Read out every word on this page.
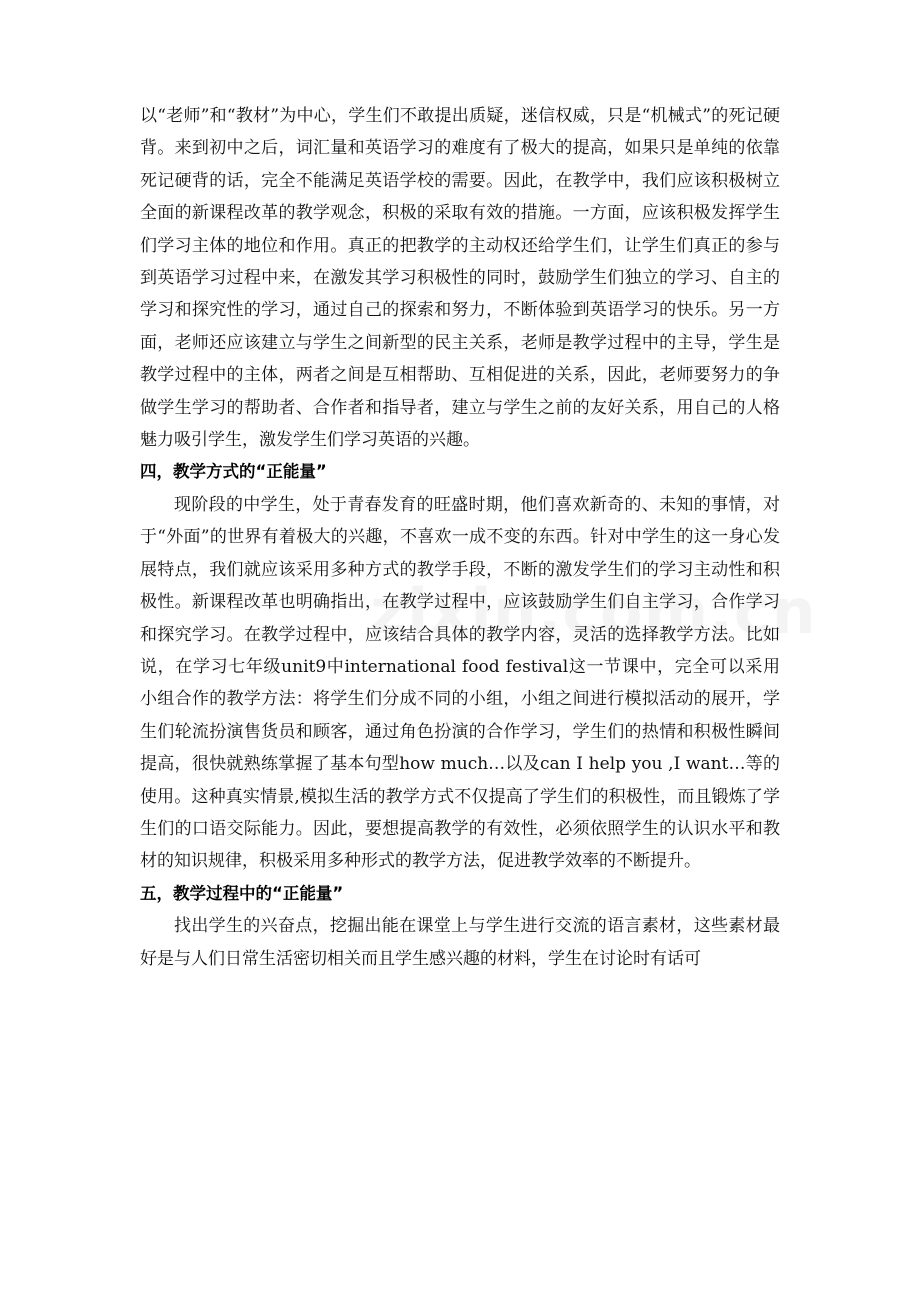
以“老师”和“教材”为中心，学生们不敢提出质疑，迷信权威，只是“机械式”的死记硬背。来到初中之后，词汇量和英语学习的难度有了极大的提高，如果只是单纯的依靠死记硬背的话，完全不能满足英语学校的需要。因此，在教学中，我们应该积极树立全面的新课程改革的教学观念，积极的采取有效的措施。一方面，应该积极发挥学生们学习主体的地位和作用。真正的把教学的主动权还给学生们，让学生们真正的参与到英语学习过程中来，在激发其学习积极性的同时，鼓励学生们独立的学习、自主的学习和探究性的学习，通过自己的探索和努力，不断体验到英语学习的快乐。另一方面，老师还应该建立与学生之间新型的民主关系，老师是教学过程中的主导，学生是教学过程中的主体，两者之间是互相帮助、互相促进的关系，因此，老师要努力的争做学生学习的帮助者、合作者和指导者，建立与学生之前的友好关系，用自己的人格魅力吸引学生，激发学生们学习英语的兴趣。

四，教学方式的“正能量”

现阶段的中学生，处于青春发育的旺盛时期，他们喜欢新奇的、未知的事情，对于“外面”的世界有着极大的兴趣，不喜欢一成不变的东西。针对中学生的这一身心发展特点，我们就应该采用多种方式的教学手段，不断的激发学生们的学习主动性和积极性。新课程改革也明确指出，在教学过程中，应该鼓励学生们自主学习，合作学习和探究学习。在教学过程中，应该结合具体的教学内容，灵活的选择教学方法。比如说，在学习七年级unit9中international food festival这一节课中，完全可以采用小组合作的教学方法：将学生们分成不同的小组，小组之间进行模拟活动的展开，学生们轮流扮演售货员和顾客，通过角色扮演的合作学习，学生们的热情和积极性瞬间提高，很快就熟练掌握了基本句型how much…以及can I help you ,I want…等的使用。这种真实情景,模拟生活的教学方式不仅提高了学生们的积极性，而且锻炼了学生们的口语交际能力。因此，要想提高教学的有效性，必须依照学生的认识水平和教材的知识规律，积极采用多种形式的教学方法，促进教学效率的不断提升。

五，教学过程中的“正能量”

找出学生的兴奋点，挖掘出能在课堂上与学生进行交流的语言素材，这些素材最好是与人们日常生活密切相关而且学生感兴趣的材料，学生在讨论时有话可
